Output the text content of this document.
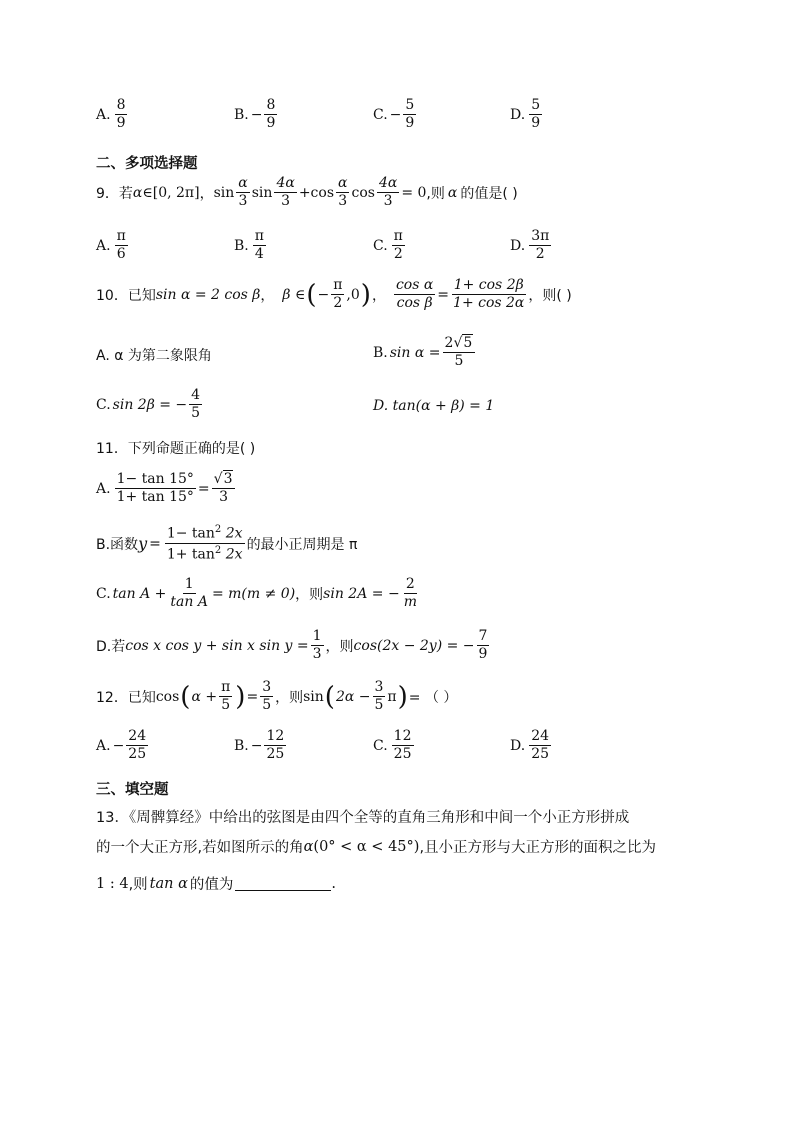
A. $\frac{8}{9}$	B. − $\frac{8}{9}$	C. − $\frac{5}{9}$	D. $\frac{5}{9}$
二、多项选择题
9．若 α ∈[0, 2π] ， $\sin \frac{\alpha}{3}$ $\sin \frac{4\alpha}{3} + \cos \frac{\alpha}{3}$ $\cos \frac{4\alpha}{3} = 0$ ,则 α 的值是( )
A. $\frac{\pi}{6}$	B. $\frac{\pi}{4}$	C. $\frac{\pi}{2}$	D. $\frac{3\pi}{2}$
10．已知 sin α = 2 cos β ， β ∈ ( − $\frac{\pi}{2} ,0$ ) ， $\frac{\text{cos α}}{\text{cos β}} = \frac{1+ \cos 2\beta}{1+ \cos 2\alpha}$ ，则( )
A. α 为第二象限角	B. $\sin \alpha = \frac{2√5}{5}$
C. sin 2β = − $\frac{4}{5}$	D. tan(α + β) = 1
11．下列命题正确的是( )
A. $\frac{1- \tan 15^\circ}{1+ \tan 15^\circ} = \frac{√3}{3}$
B.函数 $y = \frac{1- \tan^2 2x}{1+ \tan^2 2x}$ 的最小正周期是 π
C. $\tan A + \frac{1}{\text{tan A}} = m(m \ne 0)$ ，则 sin 2A = − $\frac{2}{m}$
D.若 cos x cos y + sin x $\sin y = \frac{1}{3}$ ，则 cos(2x − 2y) = − $\frac{7}{9}$
12．已知 cos ( $\alpha + \frac{\pi}{5}$ ) = $\frac{3}{5}$ ，则 sin ( $2\alpha - \frac{3}{5}$ π ) = （ ）
A. − $\frac{24}{25}$	B. − $\frac{12}{25}$	C. $\frac{12}{25}$	D. $\frac{24}{25}$
三、填空题
13．《周髀算经》中给出的弦图是由四个全等的直角三角形和中间一个小正方形拼成
的一个大正方形,若如图所示的角 α (0° < α < 45°) ,且小正方形与大正方形的面积之比为
1 : 4 ,则 tan α 的值为	.
